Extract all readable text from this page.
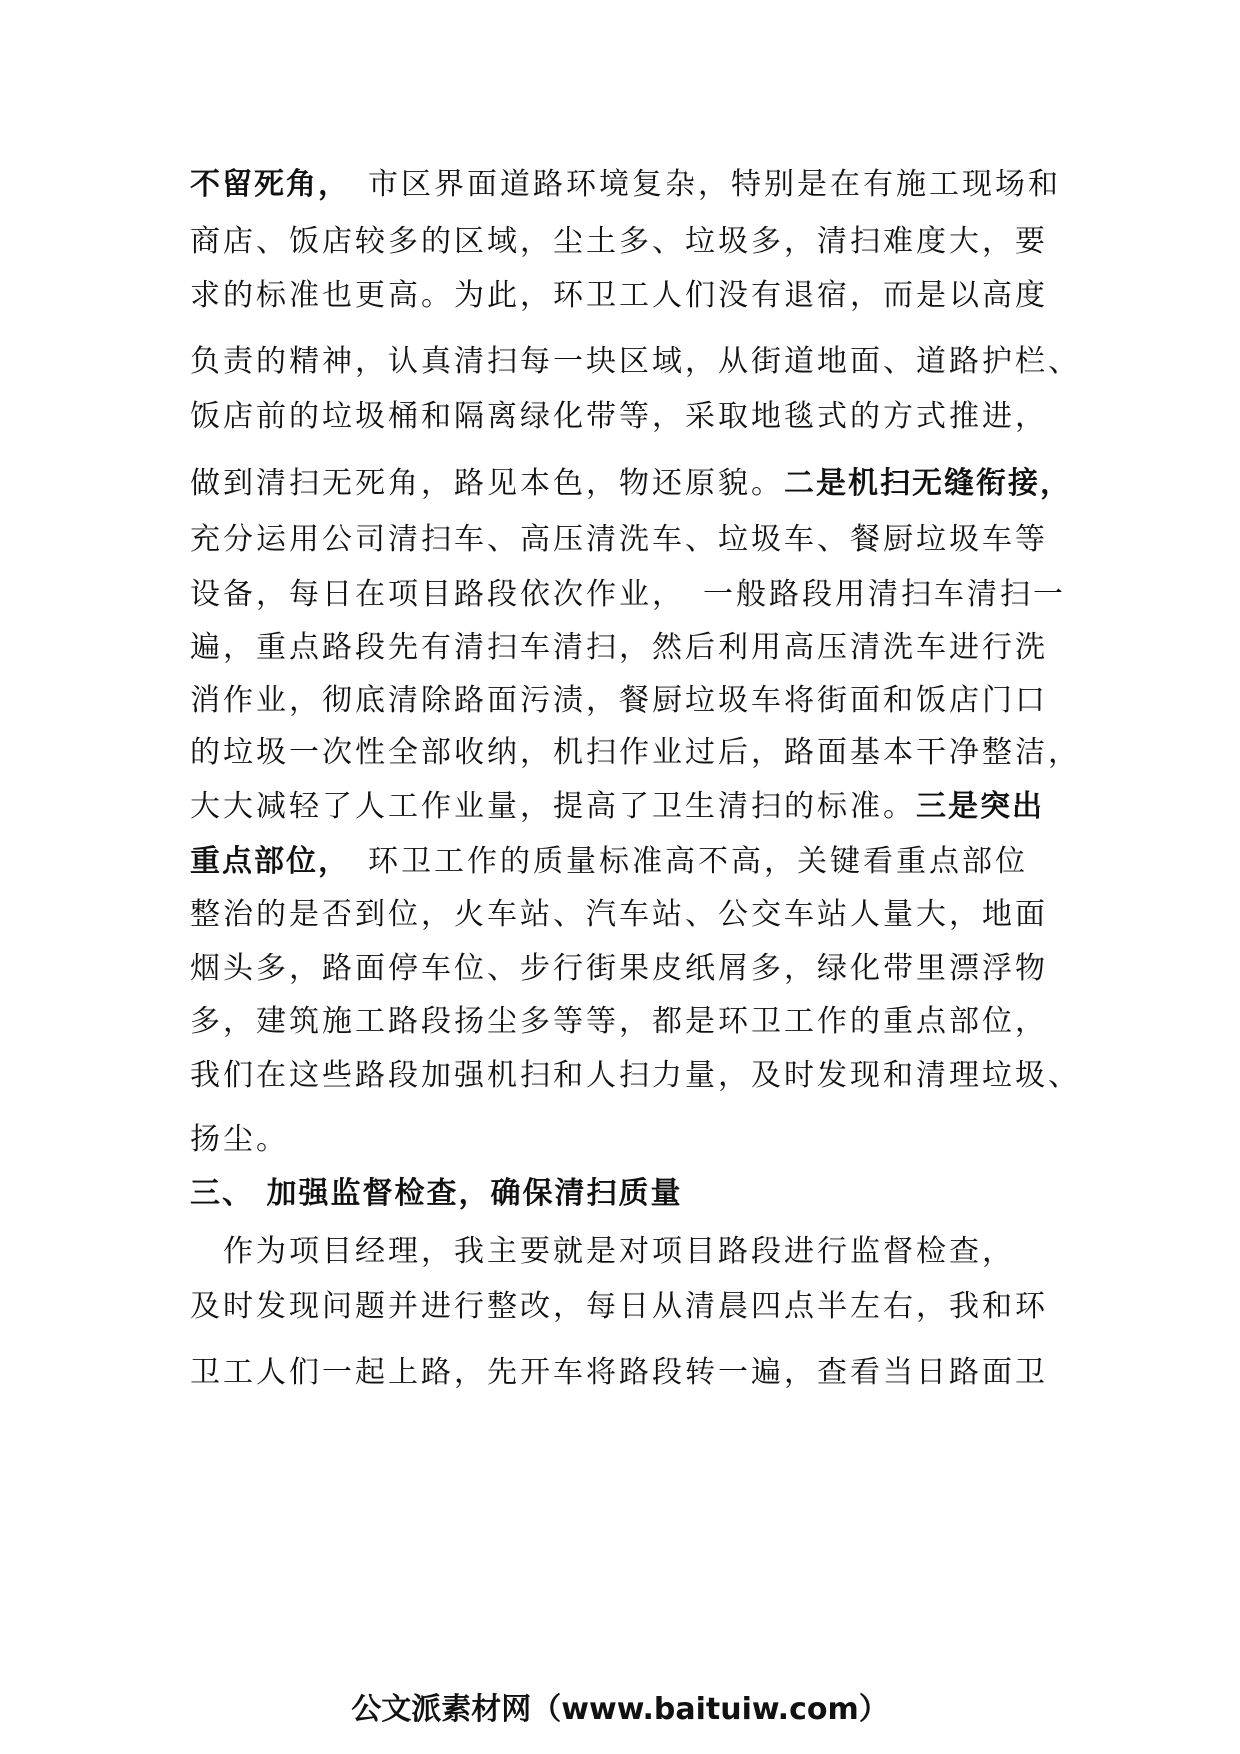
不留死角，　市区界面道路环境复杂，特别是在有施工现场和
商店、饭店较多的区域，尘土多、垃圾多，清扫难度大，要
求的标准也更高。为此，环卫工人们没有退宿，而是以高度
负责的精神，认真清扫每一块区域，从街道地面、道路护栏、
饭店前的垃圾桶和隔离绿化带等，采取地毯式的方式推进，
做到清扫无死角，路见本色，物还原貌。二是机扫无缝衔接，
充分运用公司清扫车、高压清洗车、垃圾车、餐厨垃圾车等
设备，每日在项目路段依次作业，　一般路段用清扫车清扫一
遍，重点路段先有清扫车清扫，然后利用高压清洗车进行洗
消作业，彻底清除路面污渍，餐厨垃圾车将街面和饭店门口
的垃圾一次性全部收纳，机扫作业过后，路面基本干净整洁，
大大减轻了人工作业量，提高了卫生清扫的标准。三是突出
重点部位，　环卫工作的质量标准高不高，关键看重点部位
整治的是否到位，火车站、汽车站、公交车站人量大，地面
烟头多，路面停车位、步行街果皮纸屑多，绿化带里漂浮物
多，建筑施工路段扬尘多等等，都是环卫工作的重点部位，
我们在这些路段加强机扫和人扫力量，及时发现和清理垃圾、
扬尘。
三、 加强监督检查，确保清扫质量
　作为项目经理，我主要就是对项目路段进行监督检查，
及时发现问题并进行整改，每日从清晨四点半左右，我和环
卫工人们一起上路，先开车将路段转一遍，查看当日路面卫
公文派素材网（www.baituiw.com）
